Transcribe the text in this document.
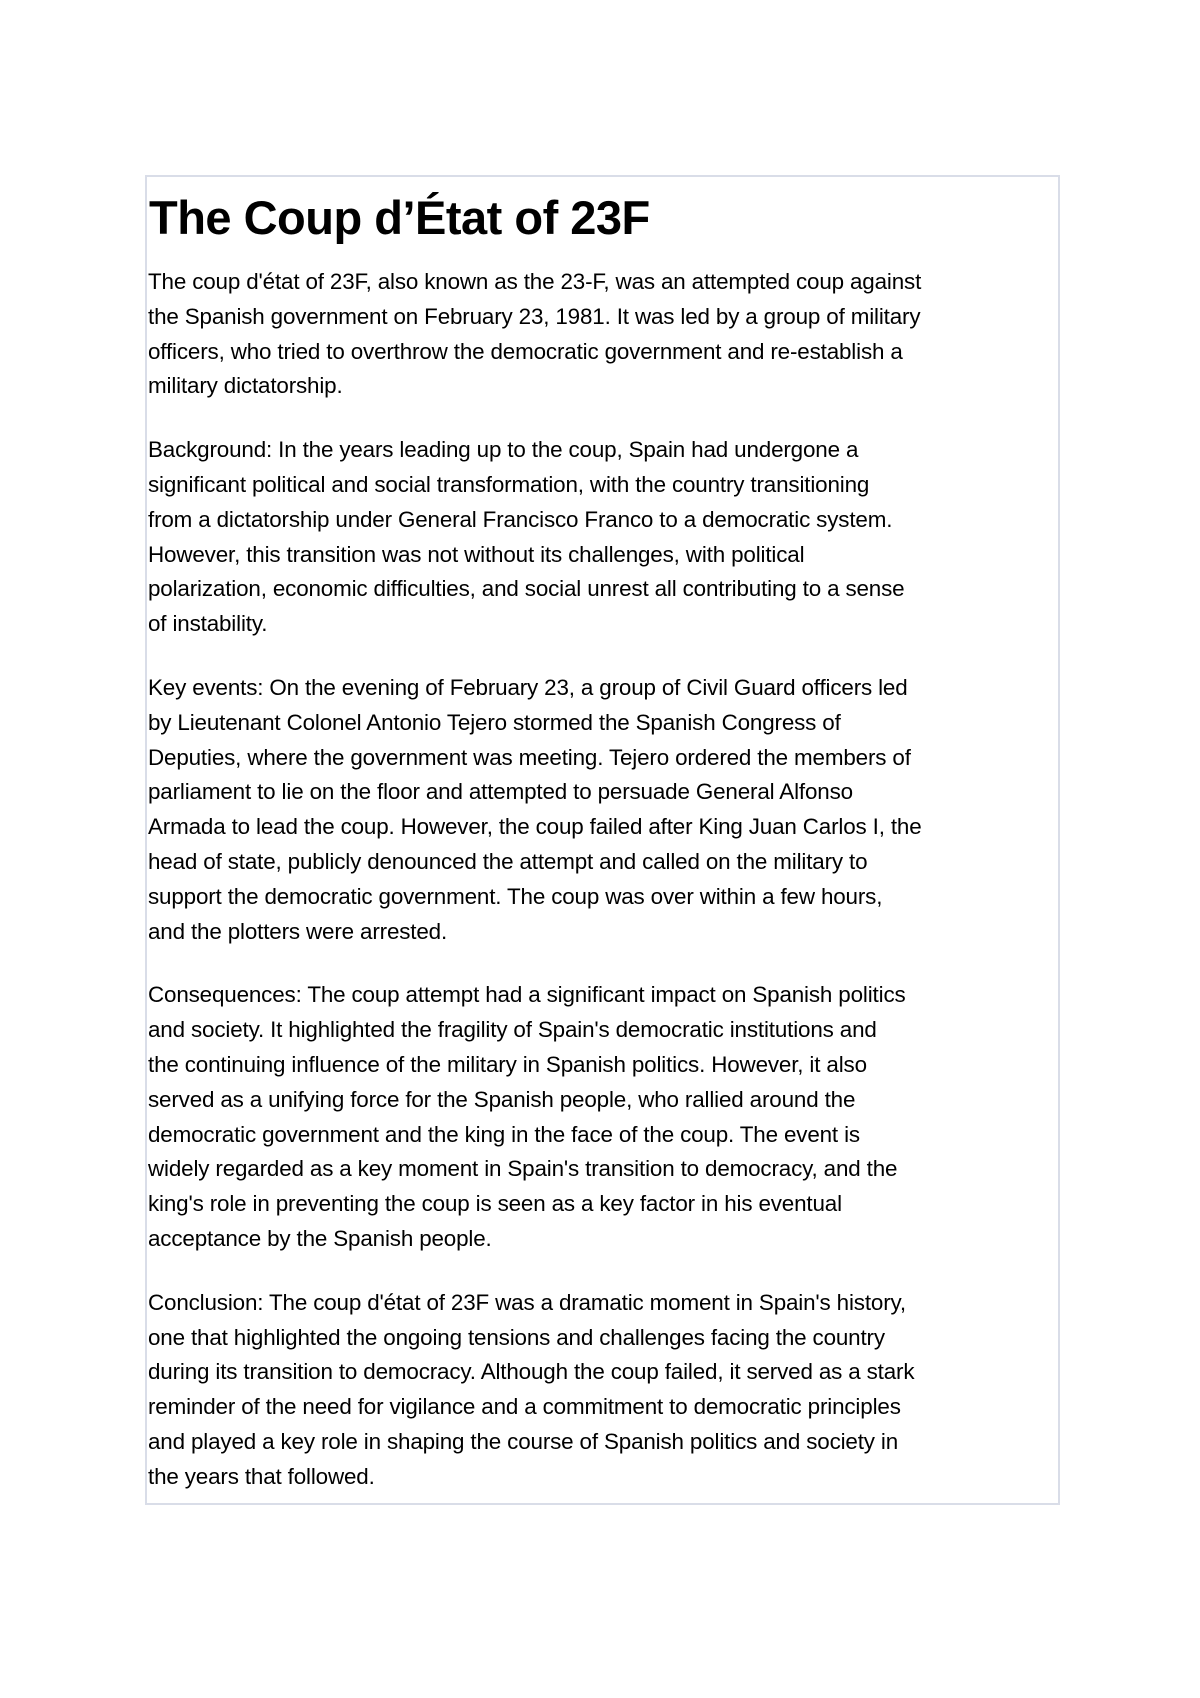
The Coup d’État of 23F

The coup d'état of 23F, also known as the 23-F, was an attempted coup against
the Spanish government on February 23, 1981. It was led by a group of military
officers, who tried to overthrow the democratic government and re-establish a
military dictatorship.

Background: In the years leading up to the coup, Spain had undergone a
significant political and social transformation, with the country transitioning
from a dictatorship under General Francisco Franco to a democratic system.
However, this transition was not without its challenges, with political
polarization, economic difficulties, and social unrest all contributing to a sense
of instability.

Key events: On the evening of February 23, a group of Civil Guard officers led
by Lieutenant Colonel Antonio Tejero stormed the Spanish Congress of
Deputies, where the government was meeting. Tejero ordered the members of
parliament to lie on the floor and attempted to persuade General Alfonso
Armada to lead the coup. However, the coup failed after King Juan Carlos I, the
head of state, publicly denounced the attempt and called on the military to
support the democratic government. The coup was over within a few hours,
and the plotters were arrested.

Consequences: The coup attempt had a significant impact on Spanish politics
and society. It highlighted the fragility of Spain's democratic institutions and
the continuing influence of the military in Spanish politics. However, it also
served as a unifying force for the Spanish people, who rallied around the
democratic government and the king in the face of the coup. The event is
widely regarded as a key moment in Spain's transition to democracy, and the
king's role in preventing the coup is seen as a key factor in his eventual
acceptance by the Spanish people.

Conclusion: The coup d'état of 23F was a dramatic moment in Spain's history,
one that highlighted the ongoing tensions and challenges facing the country
during its transition to democracy. Although the coup failed, it served as a stark
reminder of the need for vigilance and a commitment to democratic principles
and played a key role in shaping the course of Spanish politics and society in
the years that followed.
